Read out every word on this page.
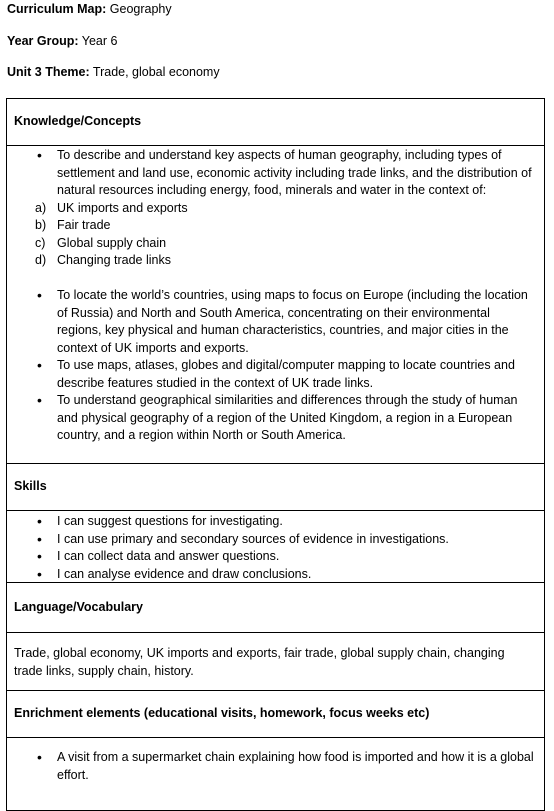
Curriculum Map: Geography
Year Group: Year 6
Unit 3 Theme: Trade, global economy
Knowledge/Concepts
• To describe and understand key aspects of human geography, including types of settlement and land use, economic activity including trade links, and the distribution of natural resources including energy, food, minerals and water in the context of:
a) UK imports and exports
b) Fair trade
c) Global supply chain
d) Changing trade links
• To locate the world’s countries, using maps to focus on Europe (including the location of Russia) and North and South America, concentrating on their environmental regions, key physical and human characteristics, countries, and major cities in the context of UK imports and exports.
• To use maps, atlases, globes and digital/computer mapping to locate countries and describe features studied in the context of UK trade links.
• To understand geographical similarities and differences through the study of human and physical geography of a region of the United Kingdom, a region in a European country, and a region within North or South America.
Skills
• I can suggest questions for investigating.
• I can use primary and secondary sources of evidence in investigations.
• I can collect data and answer questions.
• I can analyse evidence and draw conclusions.
Language/Vocabulary
Trade, global economy, UK imports and exports, fair trade, global supply chain, changing trade links, supply chain, history.
Enrichment elements (educational visits, homework, focus weeks etc)
• A visit from a supermarket chain explaining how food is imported and how it is a global effort.
